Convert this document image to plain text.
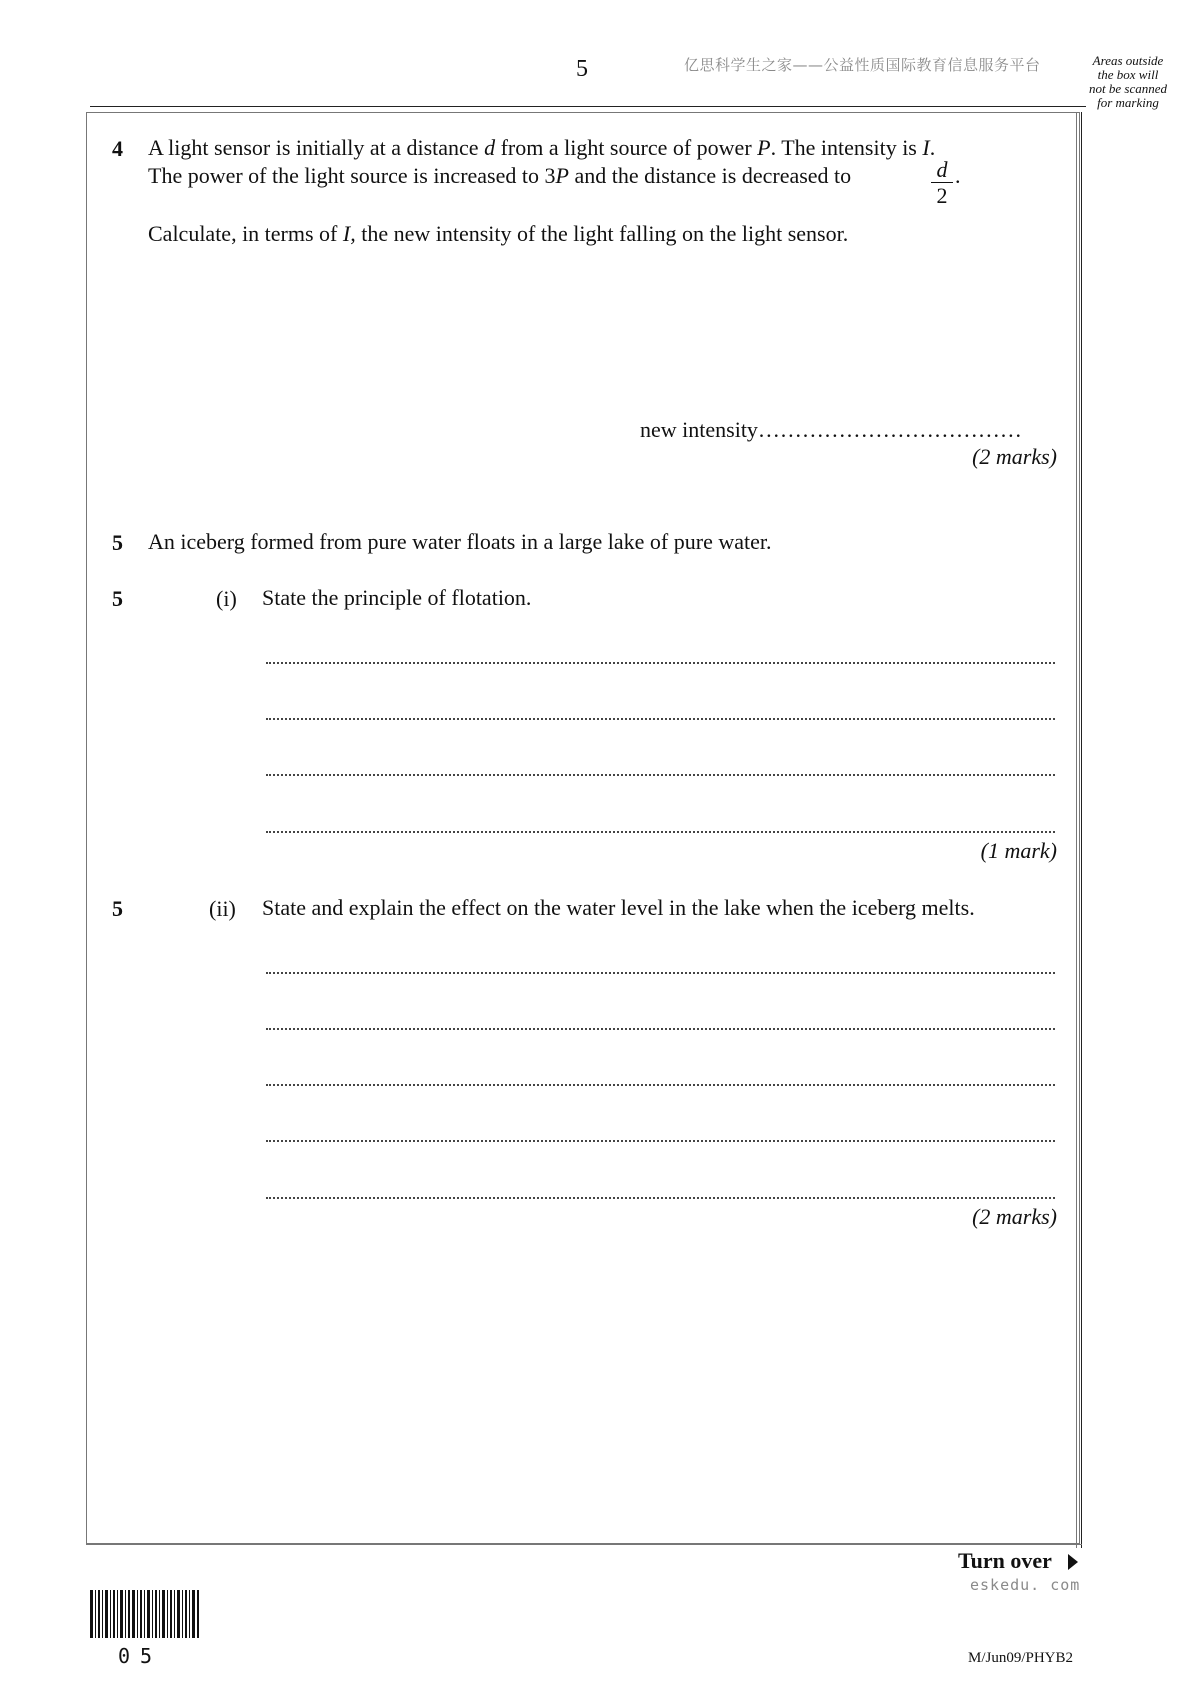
5	亿思科学生之家——公益性质国际教育信息服务平台	Areas outside
the box will
not be scanned
for marking
4 A light sensor is initially at a distance d from a light source of power P. The intensity is I.
The power of the light source is increased to 3P and the distance is decreased to	$\frac{d}{2}$ .
Calculate, in terms of I, the new intensity of the light falling on the light sensor.
new intensity………………………………
(2 marks)
5 An iceberg formed from pure water floats in a large lake of pure water.
5	(i) State the principle of flotation.
(1 mark)
5	(ii) State and explain the effect on the water level in the lake when the iceberg melts.
(2 marks)
Turn over
eskedu. com
05	M/Jun09/PHYB2
